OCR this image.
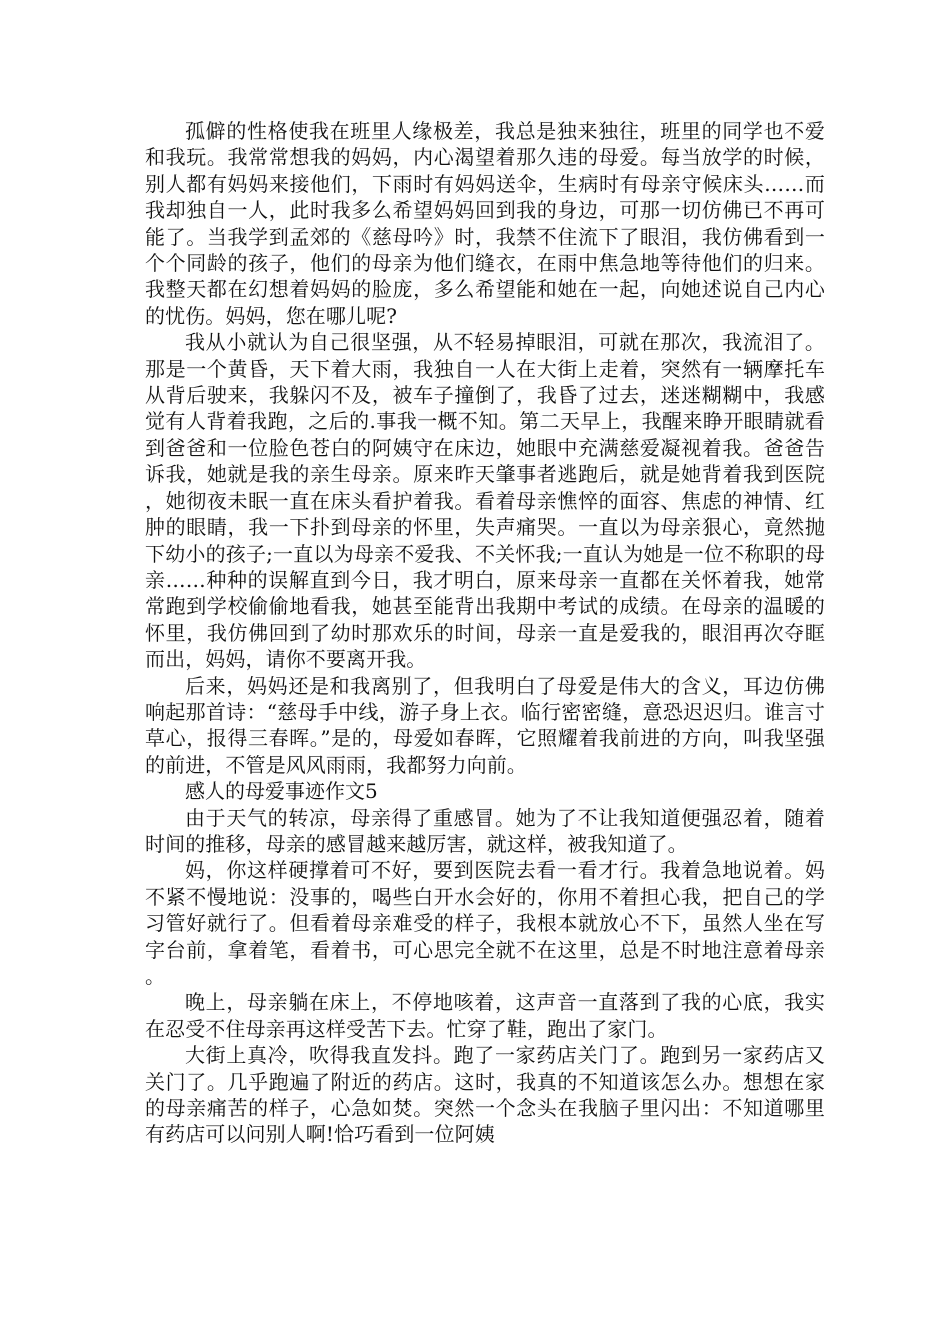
孤僻的性格使我在班里人缘极差，我总是独来独往，班里的同学也不爱和我玩。我常常想我的妈妈，内心渴望着那久违的母爱。每当放学的时候，别人都有妈妈来接他们，下雨时有妈妈送伞，生病时有母亲守候床头……而我却独自一人，此时我多么希望妈妈回到我的身边，可那一切仿佛已不再可能了。当我学到孟郊的《慈母吟》时，我禁不住流下了眼泪，我仿佛看到一个个同龄的孩子，他们的母亲为他们缝衣，在雨中焦急地等待他们的归来。我整天都在幻想着妈妈的脸庞，多么希望能和她在一起，向她述说自己内心的忧伤。妈妈，您在哪儿呢?

我从小就认为自己很坚强，从不轻易掉眼泪，可就在那次，我流泪了。那是一个黄昏，天下着大雨，我独自一人在大街上走着，突然有一辆摩托车从背后驶来，我躲闪不及，被车子撞倒了，我昏了过去，迷迷糊糊中，我感觉有人背着我跑，之后的.事我一概不知。第二天早上，我醒来睁开眼睛就看到爸爸和一位脸色苍白的阿姨守在床边，她眼中充满慈爱凝视着我。爸爸告诉我，她就是我的亲生母亲。原来昨天肇事者逃跑后，就是她背着我到医院，她彻夜未眠一直在床头看护着我。看着母亲憔悴的面容、焦虑的神情、红肿的眼睛，我一下扑到母亲的怀里，失声痛哭。一直以为母亲狠心，竟然抛下幼小的孩子;一直以为母亲不爱我、不关怀我;一直认为她是一位不称职的母亲……种种的误解直到今日，我才明白，原来母亲一直都在关怀着我，她常常跑到学校偷偷地看我，她甚至能背出我期中考试的成绩。在母亲的温暖的怀里，我仿佛回到了幼时那欢乐的时间，母亲一直是爱我的，眼泪再次夺眶而出，妈妈，请你不要离开我。

后来，妈妈还是和我离别了，但我明白了母爱是伟大的含义，耳边仿佛响起那首诗：“慈母手中线，游子身上衣。临行密密缝，意恐迟迟归。谁言寸草心，报得三春晖。”是的，母爱如春晖，它照耀着我前进的方向，叫我坚强的前进，不管是风风雨雨，我都努力向前。

感人的母爱事迹作文5

由于天气的转凉，母亲得了重感冒。她为了不让我知道便强忍着，随着时间的推移，母亲的感冒越来越厉害，就这样，被我知道了。

妈，你这样硬撑着可不好，要到医院去看一看才行。我着急地说着。妈不紧不慢地说：没事的，喝些白开水会好的，你用不着担心我，把自己的学习管好就行了。但看着母亲难受的样子，我根本就放心不下，虽然人坐在写字台前，拿着笔，看着书，可心思完全就不在这里，总是不时地注意着母亲。

晚上，母亲躺在床上，不停地咳着，这声音一直落到了我的心底，我实在忍受不住母亲再这样受苦下去。忙穿了鞋，跑出了家门。

大街上真冷，吹得我直发抖。跑了一家药店关门了。跑到另一家药店又关门了。几乎跑遍了附近的药店。这时，我真的不知道该怎么办。想想在家的母亲痛苦的样子，心急如焚。突然一个念头在我脑子里闪出：不知道哪里有药店可以问别人啊!恰巧看到一位阿姨
